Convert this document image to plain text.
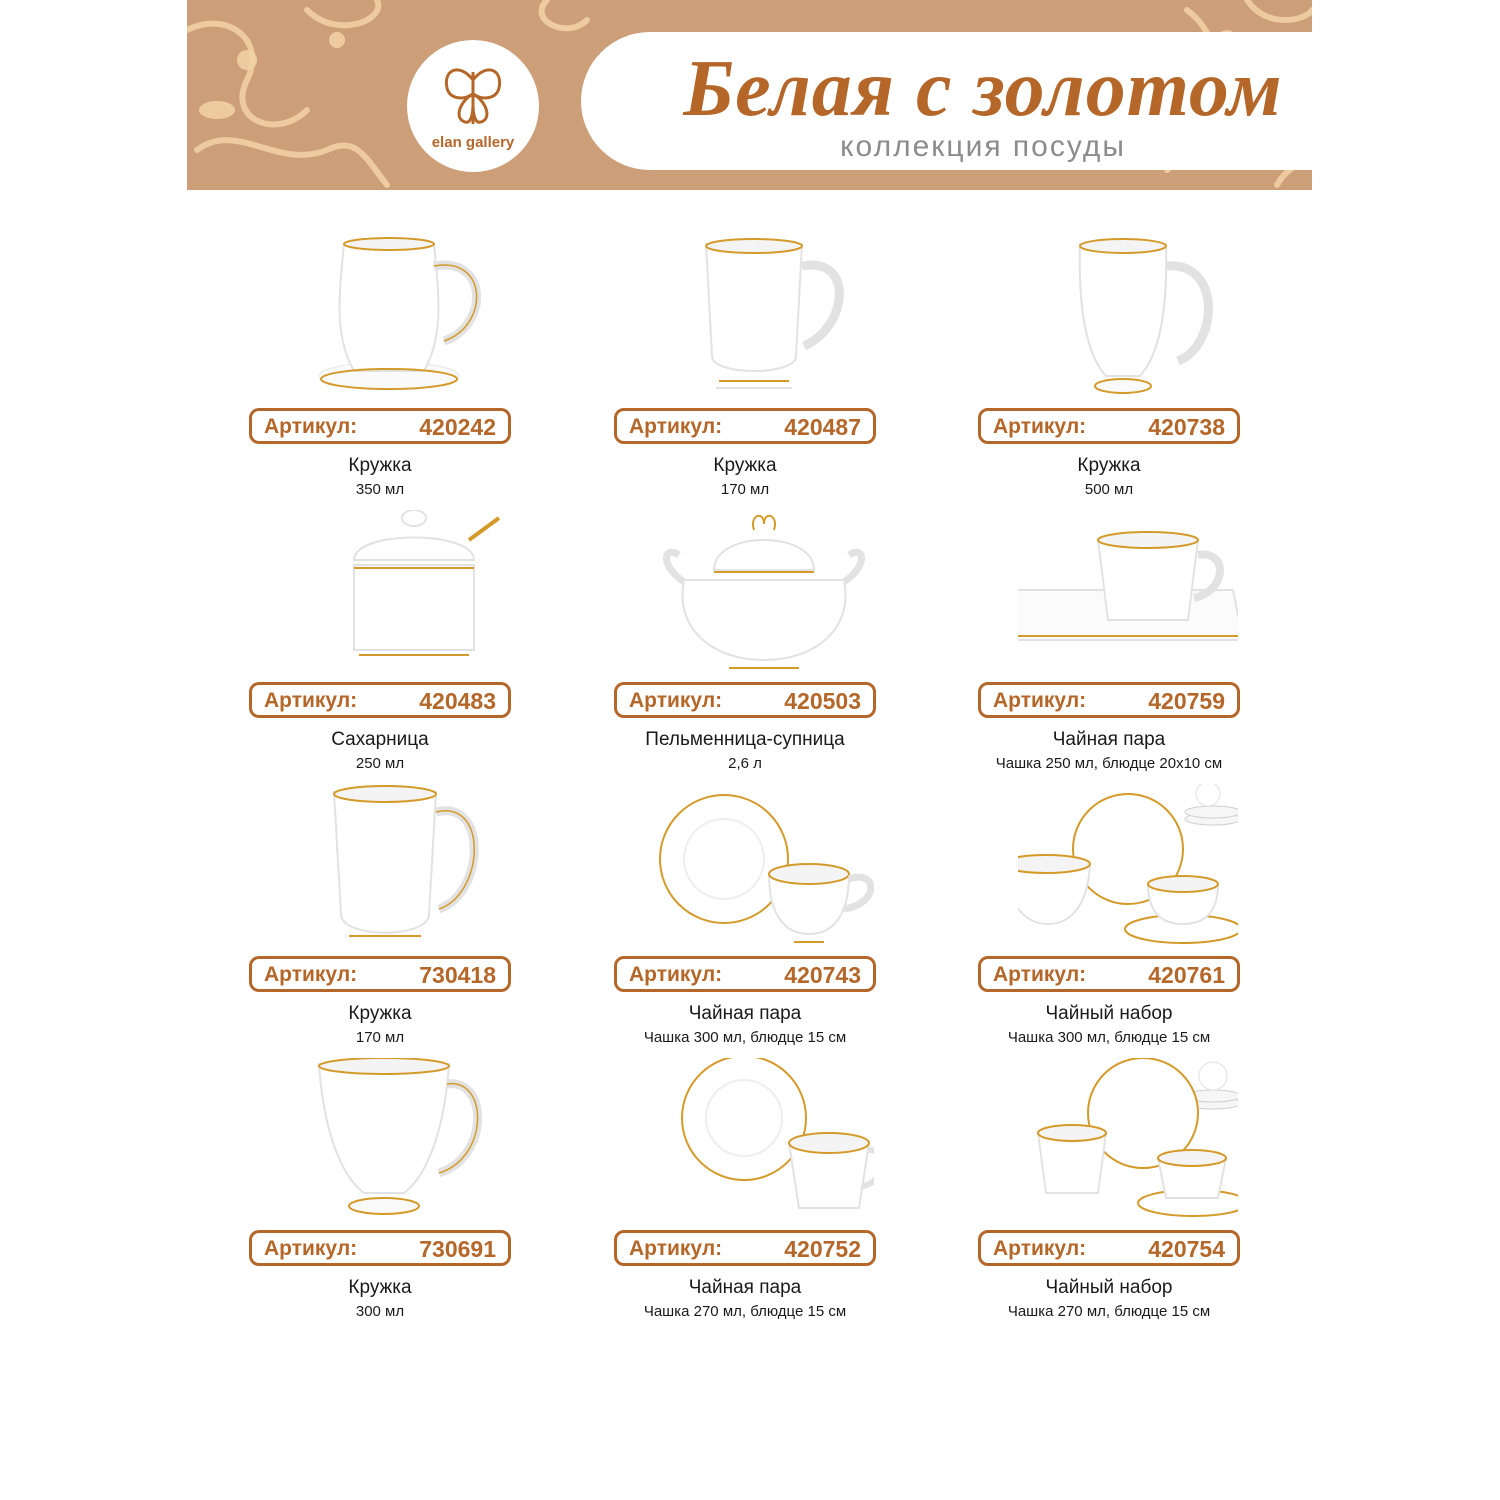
elan gallery
Белая с золотом
коллекция посуды
Артикул:	420242
Кружка
350 мл
Артикул:	420487
Кружка
170 мл
Артикул:	420738
Кружка
500 мл
Артикул:	420483
Сахарница
250 мл
Артикул:	420503
Пельменница-супница
2,6 л
Артикул:	420759
Чайная пара
Чашка 250 мл, блюдце 20x10 см
Артикул:	730418
Кружка
170 мл
Артикул:	420743
Чайная пара
Чашка 300 мл, блюдце 15 см
Артикул:	420761
Чайный набор
Чашка 300 мл, блюдце 15 см
Артикул:	730691
Кружка
300 мл
Артикул:	420752
Чайная пара
Чашка 270 мл, блюдце 15 см
Артикул:	420754
Чайный набор
Чашка 270 мл, блюдце 15 см
